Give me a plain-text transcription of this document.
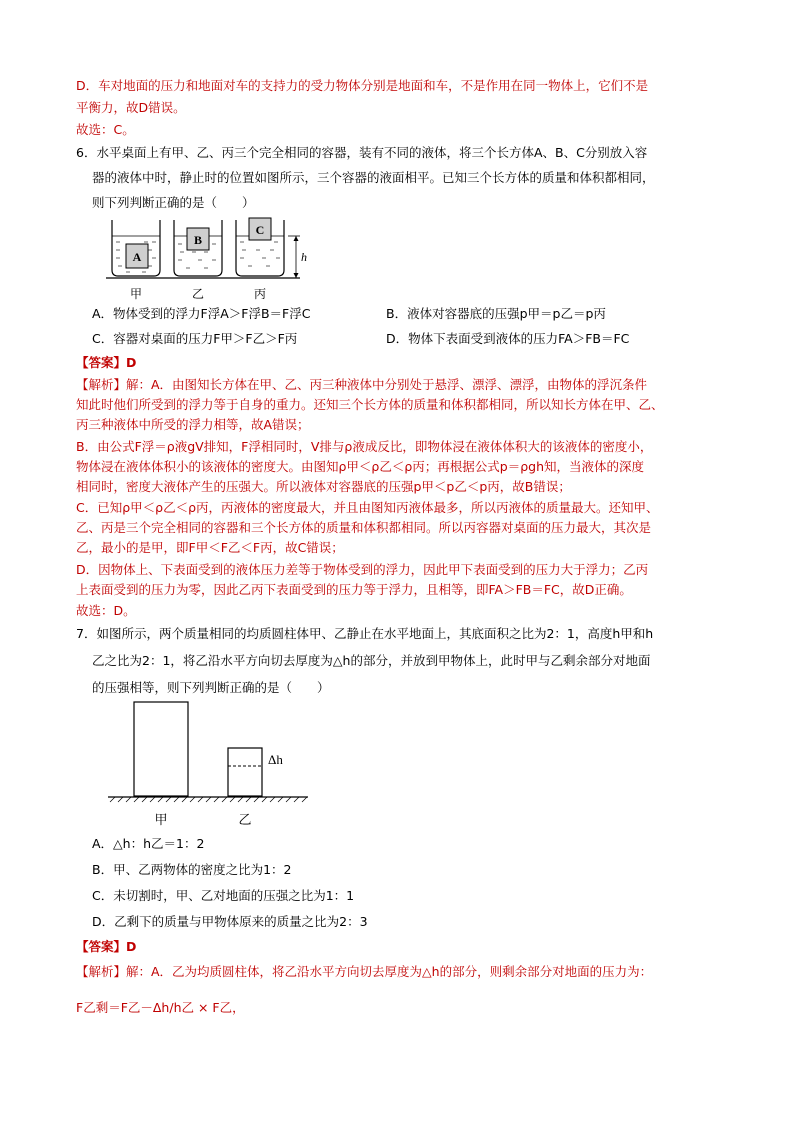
D．车对地面的压力和地面对车的支持力的受力物体分别是地面和车，不是作用在同一物体上，它们不是
平衡力，故D错误。
故选：C。
6．水平桌面上有甲、乙、丙三个完全相同的容器，装有不同的液体，将三个长方体A、B、C分别放入容
器的液体中时，静止时的位置如图所示，三个容器的液面相平。已知三个长方体的质量和体积都相同，
则下列判断正确的是（　　）
A
B
C
h
甲	乙	丙
A．物体受到的浮力F浮A＞F浮B＝F浮C	B．液体对容器底的压强p甲＝p乙＝p丙
C．容器对桌面的压力F甲＞F乙＞F丙	D．物体下表面受到液体的压力FA＞FB＝FC
【答案】D
【解析】解：A．由图知长方体在甲、乙、丙三种液体中分别处于悬浮、漂浮、漂浮，由物体的浮沉条件
知此时他们所受到的浮力等于自身的重力。还知三个长方体的质量和体积都相同，所以知长方体在甲、乙、
丙三种液体中所受的浮力相等，故A错误；
B．由公式F浮＝ρ液gV排知，F浮相同时，V排与ρ液成反比，即物体浸在液体体积大的该液体的密度小，
物体浸在液体体积小的该液体的密度大。由图知ρ甲＜ρ乙＜ρ丙；再根据公式p＝ρgh知，当液体的深度
相同时，密度大液体产生的压强大。所以液体对容器底的压强p甲＜p乙＜p丙，故B错误；
C．已知ρ甲＜ρ乙＜ρ丙，丙液体的密度最大，并且由图知丙液体最多，所以丙液体的质量最大。还知甲、
乙、丙是三个完全相同的容器和三个长方体的质量和体积都相同。所以丙容器对桌面的压力最大，其次是
乙，最小的是甲，即F甲＜F乙＜F丙，故C错误；
D．因物体上、下表面受到的液体压力差等于物体受到的浮力，因此甲下表面受到的压力大于浮力；乙丙
上表面受到的压力为零，因此乙丙下表面受到的压力等于浮力，且相等，即FA＞FB＝FC，故D正确。
故选：D。
7．如图所示，两个质量相同的均质圆柱体甲、乙静止在水平地面上，其底面积之比为2：1，高度h甲和h
乙之比为2：1，将乙沿水平方向切去厚度为△h的部分，并放到甲物体上，此时甲与乙剩余部分对地面
的压强相等，则下列判断正确的是（　　）
Δh
甲	乙
A．△h：h乙＝1：2
B．甲、乙两物体的密度之比为1：2
C．未切割时，甲、乙对地面的压强之比为1：1
D．乙剩下的质量与甲物体原来的质量之比为2：3
【答案】D
【解析】解：A．乙为均质圆柱体，将乙沿水平方向切去厚度为△h的部分，则剩余部分对地面的压力为：
F乙剩＝F乙－Δh/h乙 × F乙，
